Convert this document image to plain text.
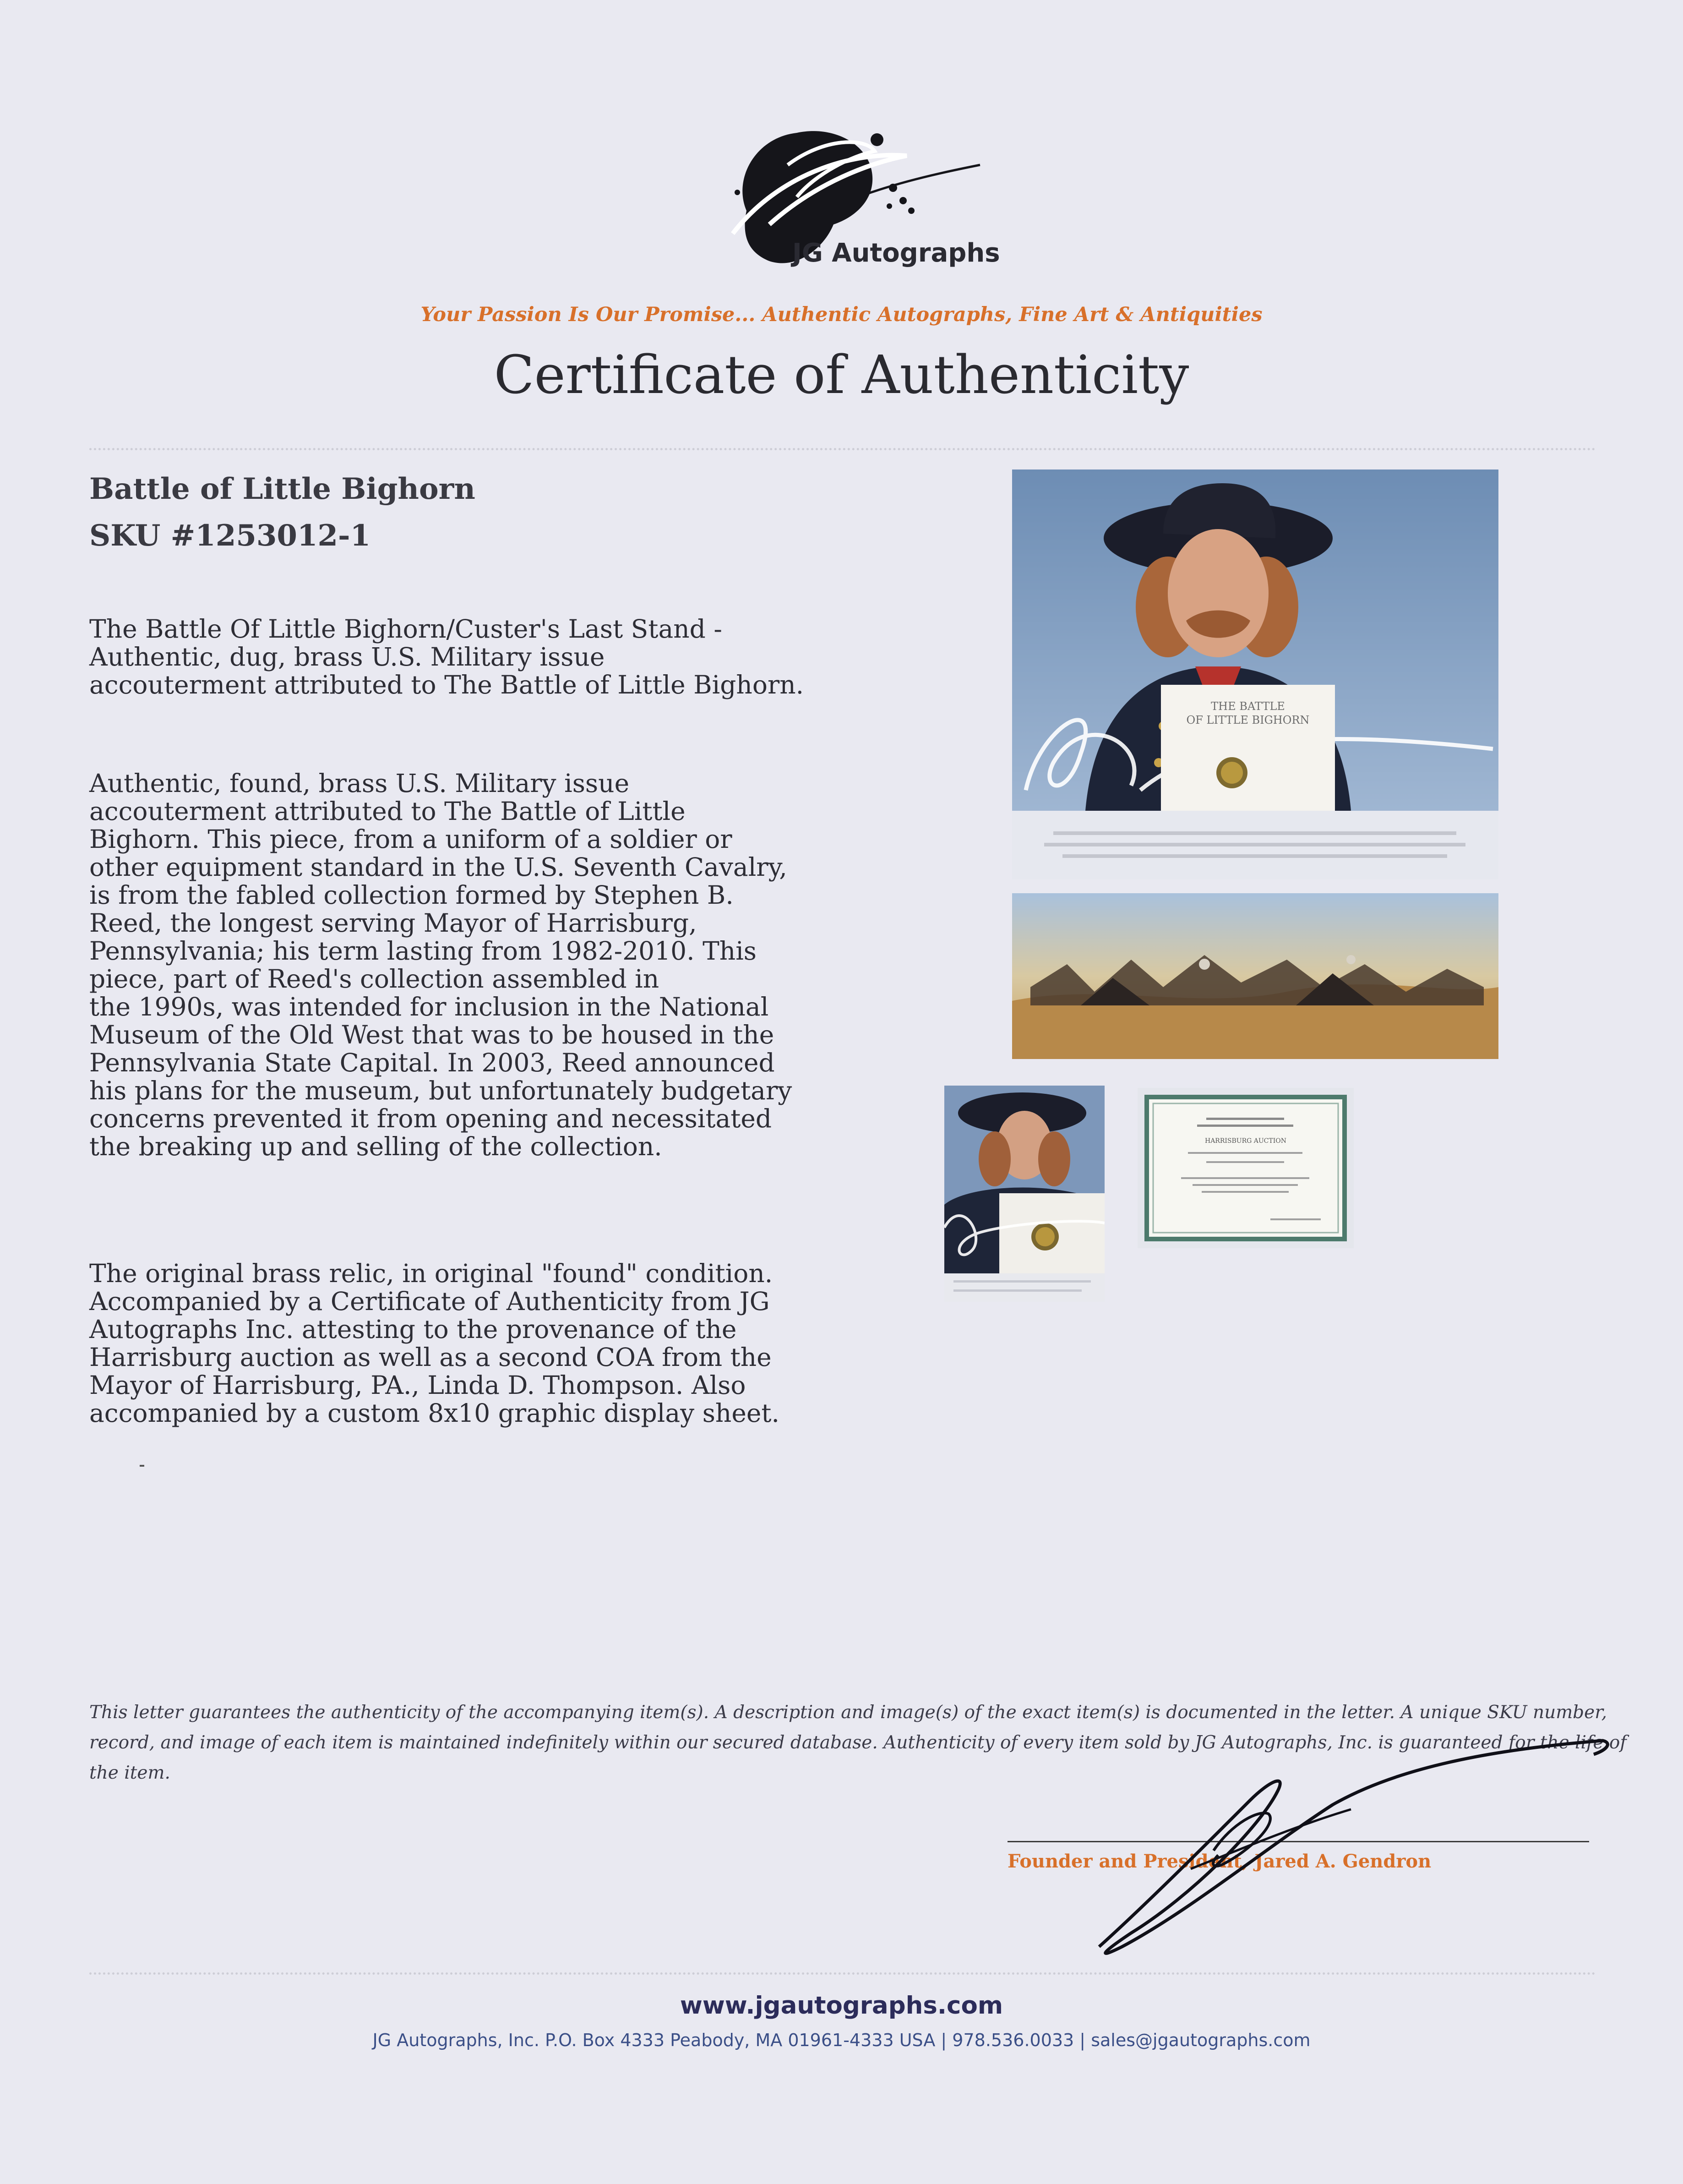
JG Autographs
Your Passion Is Our Promise... Authentic Autographs, Fine Art & Antiquities
Certificate of Authenticity
Battle of Little Bighorn
SKU #1253012-1
The Battle Of Little Bighorn/Custer's Last Stand -
Authentic, dug, brass U.S. Military issue
accouterment attributed to The Battle of Little Bighorn.
Authentic, found, brass U.S. Military issue
accouterment attributed to The Battle of Little
Bighorn. This piece, from a uniform of a soldier or
other equipment standard in the U.S. Seventh Cavalry,
is from the fabled collection formed by Stephen B.
Reed, the longest serving Mayor of Harrisburg,
Pennsylvania; his term lasting from 1982-2010. This
piece, part of Reed's collection assembled in
the 1990s, was intended for inclusion in the National
Museum of the Old West that was to be housed in the
Pennsylvania State Capital. In 2003, Reed announced
his plans for the museum, but unfortunately budgetary
concerns prevented it from opening and necessitated
the breaking up and selling of the collection.
The original brass relic, in original "found" condition.
Accompanied by a Certificate of Authenticity from JG
Autographs Inc. attesting to the provenance of the
Harrisburg auction as well as a second COA from the
Mayor of Harrisburg, PA., Linda D. Thompson. Also
accompanied by a custom 8x10 graphic display sheet.
THE BATTLE
OF LITTLE BIGHORN
HARRISBURG AUCTION
This letter guarantees the authenticity of the accompanying item(s). A description and image(s) of the exact item(s) is documented in the letter. A unique SKU number,
record, and image of each item is maintained indefinitely within our secured database. Authenticity of every item sold by JG Autographs, Inc. is guaranteed for the life of
the item.
Founder and President, Jared A. Gendron
www.jgautographs.com
JG Autographs, Inc. P.O. Box 4333 Peabody, MA 01961-4333 USA | 978.536.0033 | sales@jgautographs.com
